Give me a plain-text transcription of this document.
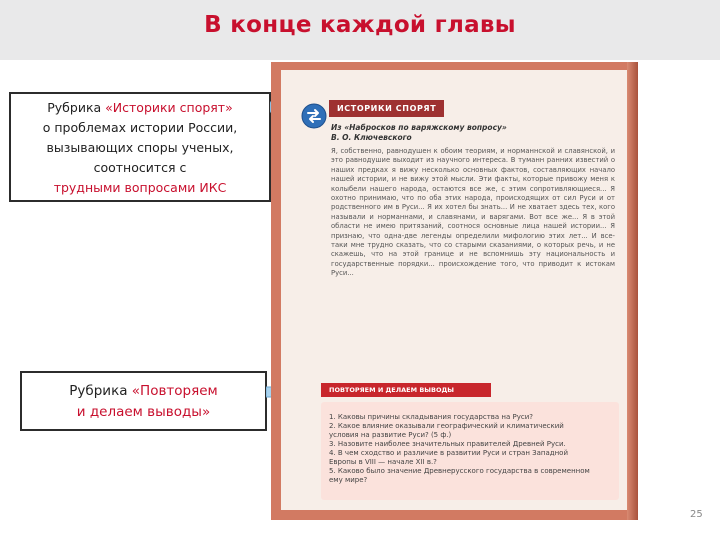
В конце каждой главы
Рубрика «Историки спорят»
о проблемах истории России,
вызывающих споры ученых,
соотносится с
трудными вопросами ИКС
Рубрика «Повторяем
и делаем выводы»
ИСТОРИКИ СПОРЯТ
Из «Набросков по варяжскому вопросу»
В. О. Ключевского
Я, собственно, равнодушен к обоим теориям, и норманнской и славянской, и это равнодушие выходит из научного интереса. В туманн ранних известий о наших предках я вижу несколько основных фактов, составляющих начало нашей истории, и не вижу этой мысли. Эти факты, которые привожу меня к колыбели нашего народа, остаются все же, с этим сопротивляющиеся... Я охотно принимаю, что по оба этих народа, происходящих от сил Руси и от родственного им в Руси... Я их хотел бы знать... И не хватает здесь тех, кого называли и норманнами, и славянами, и варягами. Вот все же... Я в этой области не имею притязаний, соотнося основные лица нашей истории... Я признаю, что одна-две легенды определили мифологию этих лет... И все-таки мне трудно сказать, что со старыми сказаниями, о которых речь, и не скажешь, что на этой границе и не вспомнишь эту национальность и государственные порядки... происхождение того, что приводит к истокам Руси...
ПОВТОРЯЕМ И ДЕЛАЕМ ВЫВОДЫ
1. Каковы причины складывания государства на Руси?
2. Какое влияние оказывали географический и климатический условия на развитие Руси? (5 ф.)
3. Назовите наиболее значительных правителей Древней Руси.
4. В чем сходство и различие в развитии Руси и стран Западной Европы в VIII — начале XII в.?
5. Каково было значение Древнерусского государства в современном ему мире?
25
